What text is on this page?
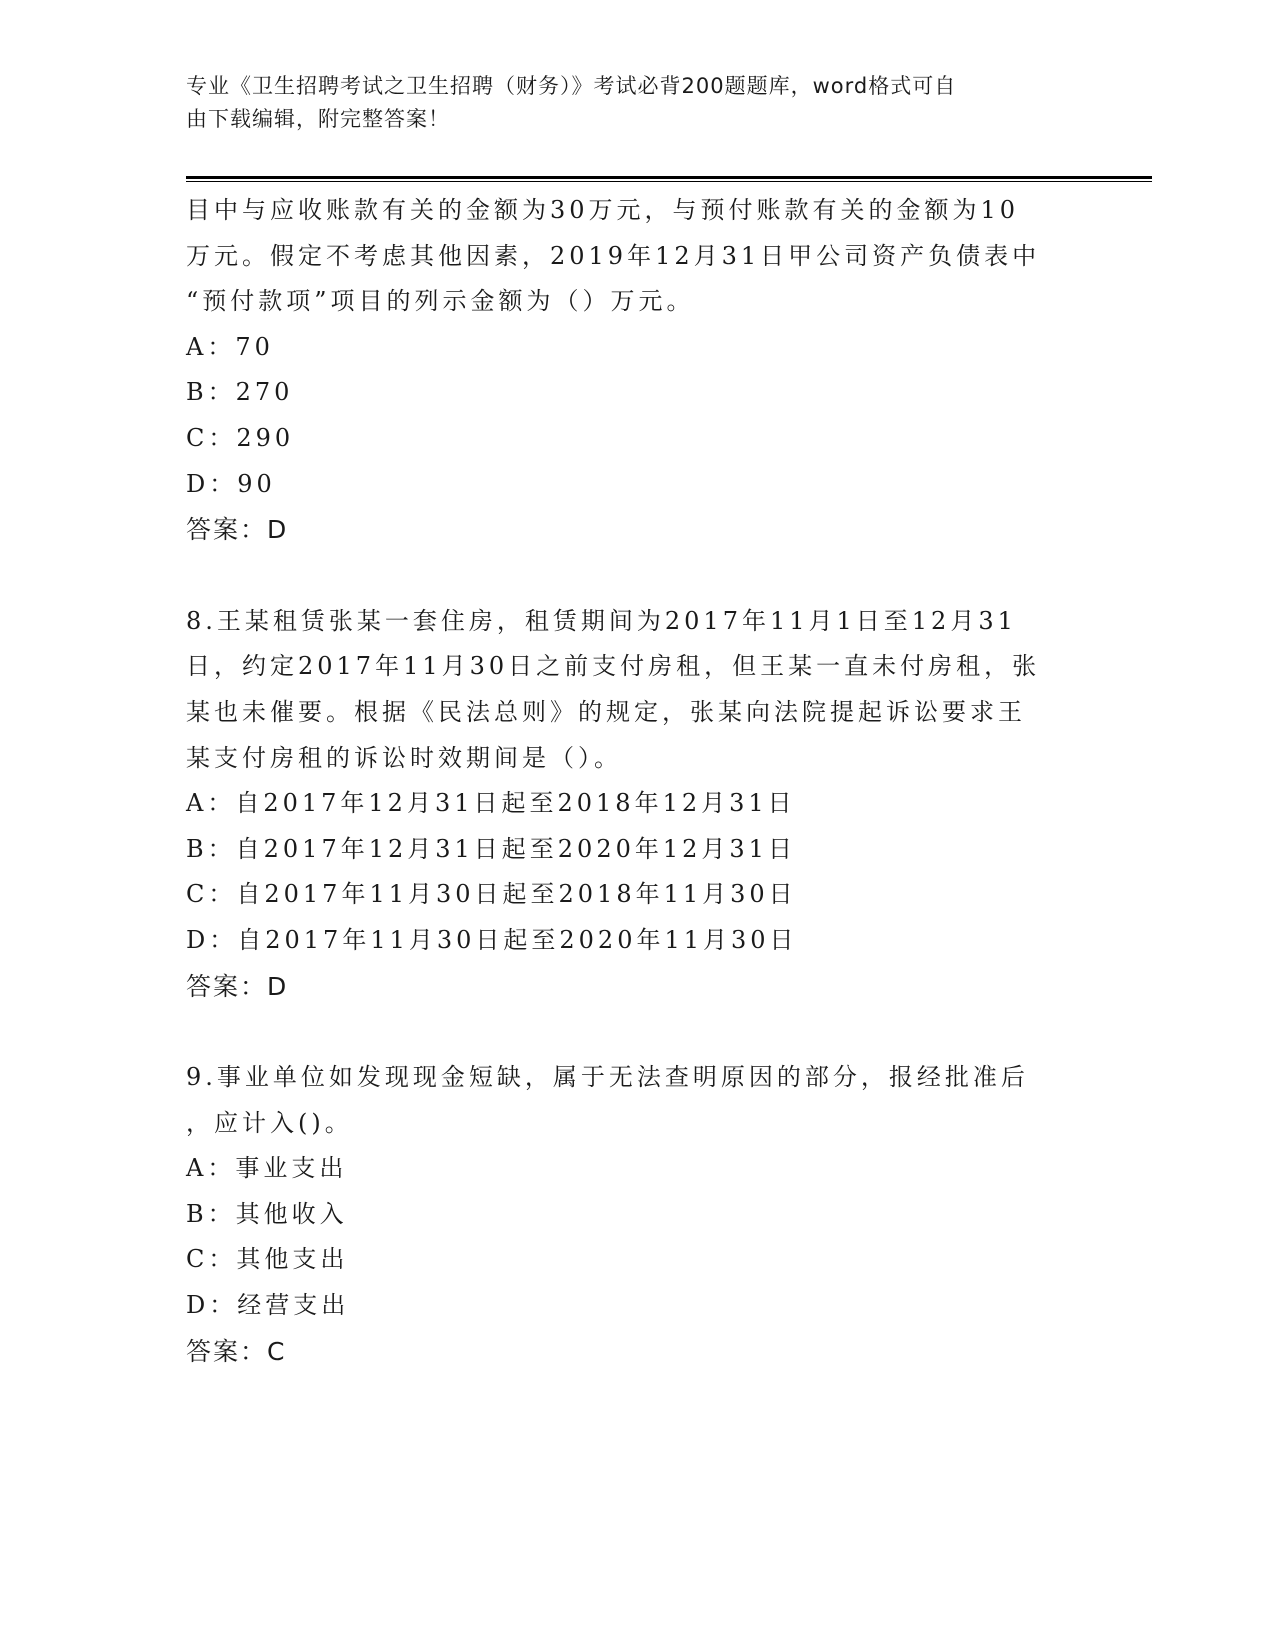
专业《卫生招聘考试之卫生招聘（财务）》考试必背200题题库，word格式可自
由下载编辑，附完整答案！
目中与应收账款有关的金额为30万元，与预付账款有关的金额为10
万元。假定不考虑其他因素，2019年12月31日甲公司资产负债表中
“预付款项”项目的列示金额为（）万元。
A：70
B：270
C：290
D：90
答案：D
8.王某租赁张某一套住房，租赁期间为2017年11月1日至12月31
日，约定2017年11月30日之前支付房租，但王某一直未付房租，张
某也未催要。根据《民法总则》的规定，张某向法院提起诉讼要求王
某支付房租的诉讼时效期间是（）。
A：自2017年12月31日起至2018年12月31日
B：自2017年12月31日起至2020年12月31日
C：自2017年11月30日起至2018年11月30日
D：自2017年11月30日起至2020年11月30日
答案：D
9.事业单位如发现现金短缺，属于无法查明原因的部分，报经批准后
，应计入()。
A：事业支出
B：其他收入
C：其他支出
D：经营支出
答案：C
